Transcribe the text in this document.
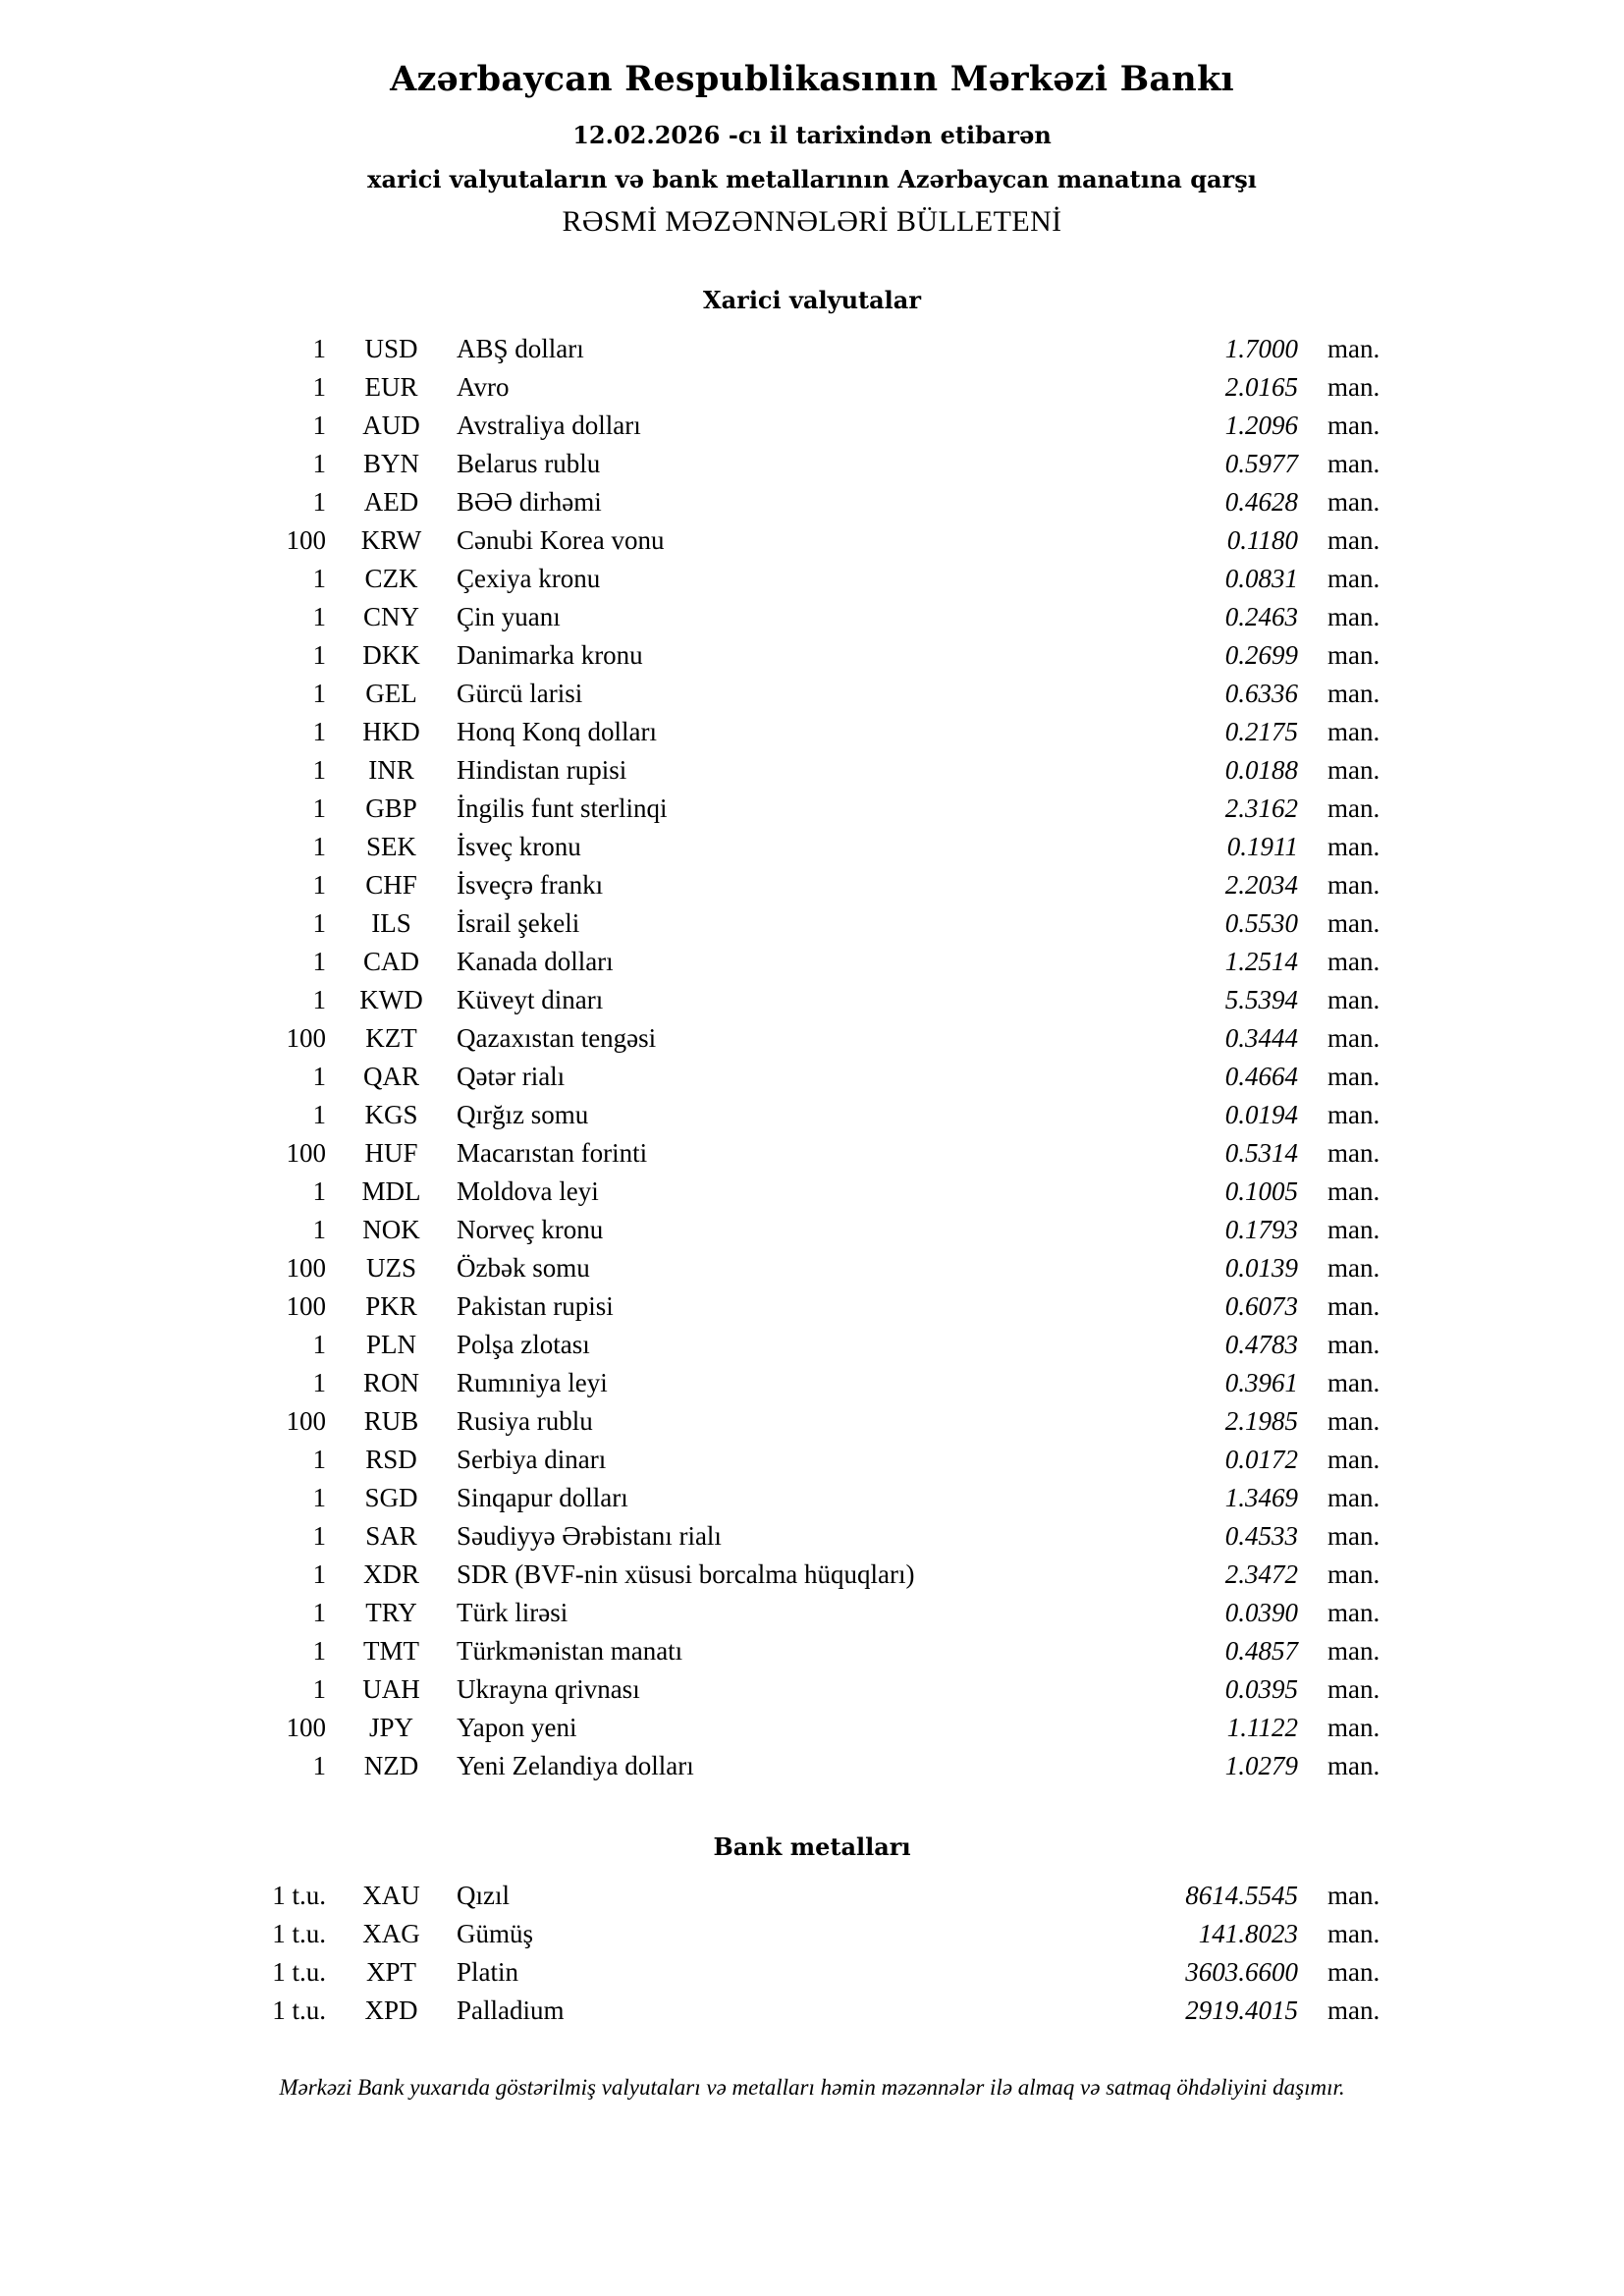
Azərbaycan Respublikasının Mərkəzi Bankı
12.02.2026 -cı il tarixindən etibarən
xarici valyutaların və bank metallarının Azərbaycan manatına qarşı
RƏSMİ MƏZƏNNƏLƏRİ BÜLLETENİ
Xarici valyutalar
1	USD	ABŞ dolları	1.7000	man.
1	EUR	Avro	2.0165	man.
1	AUD	Avstraliya dolları	1.2096	man.
1	BYN	Belarus rublu	0.5977	man.
1	AED	BƏƏ dirhəmi	0.4628	man.
100	KRW	Cənubi Korea vonu	0.1180	man.
1	CZK	Çexiya kronu	0.0831	man.
1	CNY	Çin yuanı	0.2463	man.
1	DKK	Danimarka kronu	0.2699	man.
1	GEL	Gürcü larisi	0.6336	man.
1	HKD	Honq Konq dolları	0.2175	man.
1	INR	Hindistan rupisi	0.0188	man.
1	GBP	İngilis funt sterlinqi	2.3162	man.
1	SEK	İsveç kronu	0.1911	man.
1	CHF	İsveçrə frankı	2.2034	man.
1	ILS	İsrail şekeli	0.5530	man.
1	CAD	Kanada dolları	1.2514	man.
1	KWD	Küveyt dinarı	5.5394	man.
100	KZT	Qazaxıstan tengəsi	0.3444	man.
1	QAR	Qətər rialı	0.4664	man.
1	KGS	Qırğız somu	0.0194	man.
100	HUF	Macarıstan forinti	0.5314	man.
1	MDL	Moldova leyi	0.1005	man.
1	NOK	Norveç kronu	0.1793	man.
100	UZS	Özbək somu	0.0139	man.
100	PKR	Pakistan rupisi	0.6073	man.
1	PLN	Polşa zlotası	0.4783	man.
1	RON	Rumıniya leyi	0.3961	man.
100	RUB	Rusiya rublu	2.1985	man.
1	RSD	Serbiya dinarı	0.0172	man.
1	SGD	Sinqapur dolları	1.3469	man.
1	SAR	Səudiyyə Ərəbistanı rialı	0.4533	man.
1	XDR	SDR (BVF-nin xüsusi borcalma hüquqları)	2.3472	man.
1	TRY	Türk lirəsi	0.0390	man.
1	TMT	Türkmənistan manatı	0.4857	man.
1	UAH	Ukrayna qrivnası	0.0395	man.
100	JPY	Yapon yeni	1.1122	man.
1	NZD	Yeni Zelandiya dolları	1.0279	man.
Bank metalları
1 t.u.	XAU	Qızıl	8614.5545	man.
1 t.u.	XAG	Gümüş	141.8023	man.
1 t.u.	XPT	Platin	3603.6600	man.
1 t.u.	XPD	Palladium	2919.4015	man.
Mərkəzi Bank yuxarıda göstərilmiş valyutaları və metalları həmin məzənnələr ilə almaq və satmaq öhdəliyini daşımır.
